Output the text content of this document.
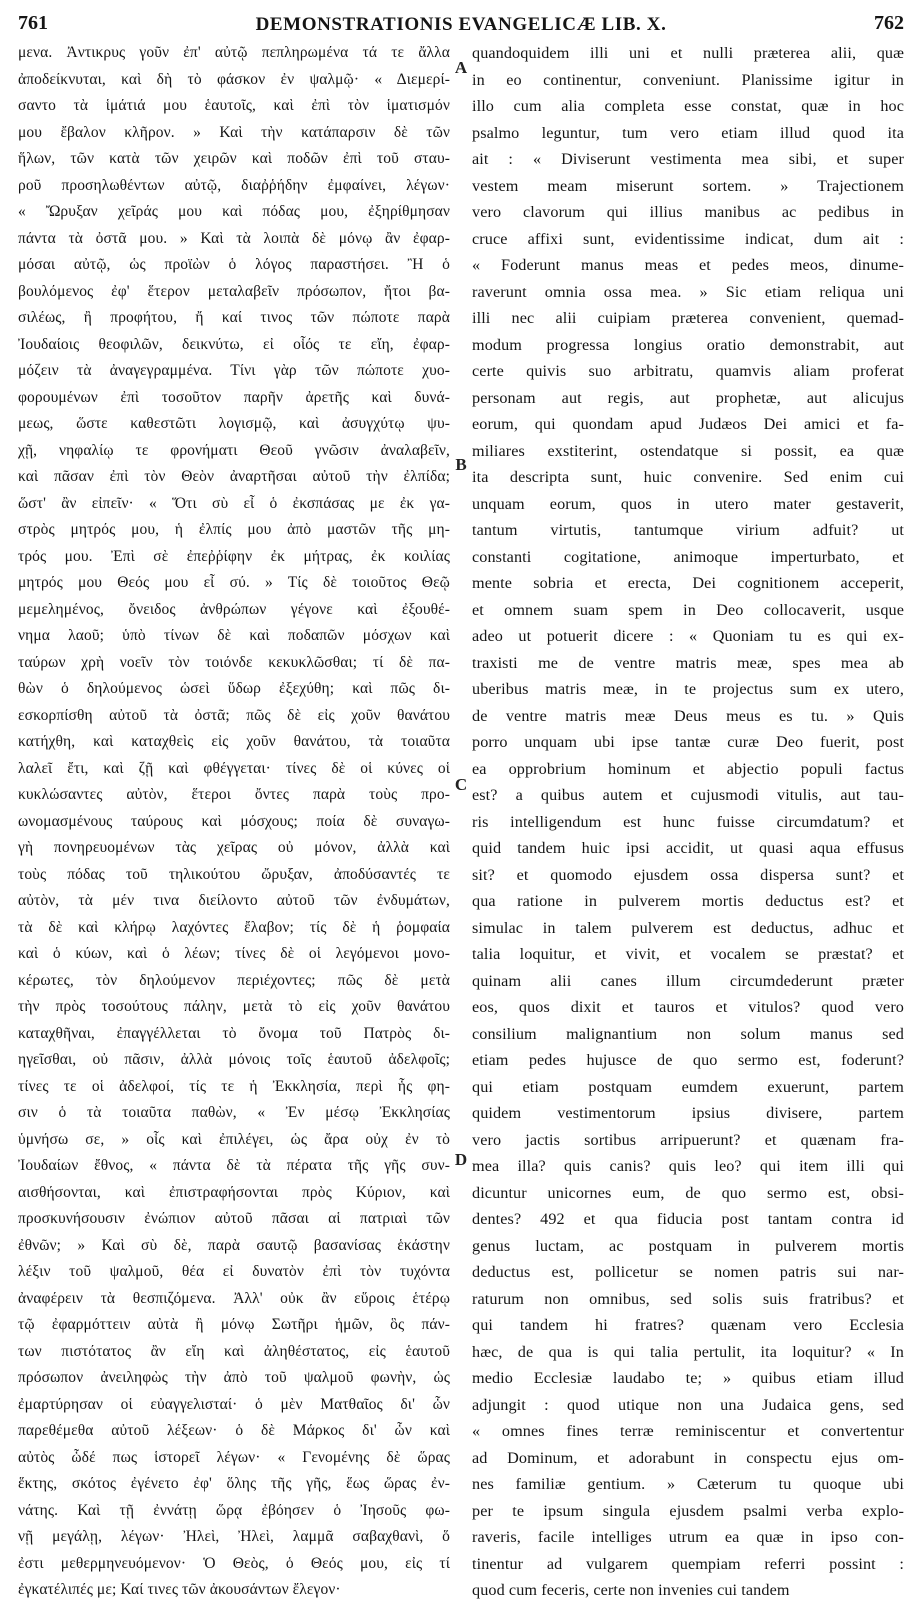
761	DEMONSTRATIONIS EVANGELICÆ LIB. X.	762
μενα. Ἀντικρυς γοῦν ἐπ' αὐτῷ πεπληρωμένα τά τε ἄλλα
ἀποδείκνυται, καὶ δὴ τὸ φάσκον ἐν ψαλμῷ· « Διεμερί-
σαντο τὰ ἱμάτιά μου ἑαυτοῖς, καὶ ἐπὶ τὸν ἱματισμόν
μου ἔβαλον κλῆρον. » Καὶ τὴν κατάπαρσιν δὲ τῶν
ἥλων, τῶν κατὰ τῶν χειρῶν καὶ ποδῶν ἐπὶ τοῦ σταυ-
ροῦ προσηλωθέντων αὐτῷ, διαῤῥήδην ἐμφαίνει, λέγων·
« Ὤρυξαν χεῖράς μου καὶ πόδας μου, ἐξηρίθμησαν
πάντα τὰ ὀστᾶ μου. » Καὶ τὰ λοιπὰ δὲ μόνῳ ἂν ἐφαρ-
μόσαι αὐτῷ, ὡς προϊὼν ὁ λόγος παραστήσει. Ἢ ὁ
βουλόμενος ἐφ' ἕτερον μεταλαβεῖν πρόσωπον, ἤτοι βα-
σιλέως, ἢ προφήτου, ἤ καί τινος τῶν πώποτε παρὰ
Ἰουδαίοις θεοφιλῶν, δεικνύτω, εἰ οἷός τε εἴη, ἐφαρ-
μόζειν τὰ ἀναγεγραμμένα. Τίνι γὰρ τῶν πώποτε χυο-
φορουμένων ἐπὶ τοσοῦτον παρῆν ἀρετῆς καὶ δυνά-
μεως, ὥστε καθεστῶτι λογισμῷ, καὶ ἀσυγχύτῳ ψυ-
χῇ, νηφαλίῳ τε φρονήματι Θεοῦ γνῶσιν ἀναλαβεῖν,
καὶ πᾶσαν ἐπὶ τὸν Θεὸν ἀναρτῆσαι αὐτοῦ τὴν ἐλπίδα;
ὥστ' ἂν εἰπεῖν· « Ὅτι σὺ εἶ ὁ ἐκσπάσας με ἐκ γα-
στρὸς μητρός μου, ἡ ἐλπίς μου ἀπὸ μαστῶν τῆς μη-
τρός μου. Ἐπὶ σὲ ἐπεῤῥίφην ἐκ μήτρας, ἐκ κοιλίας
μητρός μου Θεός μου εἶ σύ. » Τίς δὲ τοιοῦτος Θεῷ
μεμελημένος, ὄνειδος ἀνθρώπων γέγονε καὶ ἐξουθέ-
νημα λαοῦ; ὑπὸ τίνων δὲ καὶ ποδαπῶν μόσχων καὶ
ταύρων χρὴ νοεῖν τὸν τοιόνδε κεκυκλῶσθαι; τί δὲ πα-
θὼν ὁ δηλούμενος ὡσεὶ ὕδωρ ἐξεχύθη; καὶ πῶς δι-
εσκορπίσθη αὐτοῦ τὰ ὀστᾶ; πῶς δὲ εἰς χοῦν θανάτου
κατήχθη, καὶ καταχθεὶς εἰς χοῦν θανάτου, τὰ τοιαῦτα
λαλεῖ ἔτι, καὶ ζῇ καὶ φθέγγεται· τίνες δὲ οἱ κύνες οἱ
κυκλώσαντες αὐτὸν, ἕτεροι ὄντες παρὰ τοὺς προ-
ωνομασμένους ταύρους καὶ μόσχους; ποία δὲ συναγω-
γὴ πονηρευομένων τὰς χεῖρας οὐ μόνον, ἀλλὰ καὶ
τοὺς πόδας τοῦ τηλικούτου ὤρυξαν, ἀποδύσαντές τε
αὐτὸν, τὰ μέν τινα διείλοντο αὐτοῦ τῶν ἐνδυμάτων,
τὰ δὲ καὶ κλήρῳ λαχόντες ἔλαβον; τίς δὲ ἡ ῥομφαία
καὶ ὁ κύων, καὶ ὁ λέων; τίνες δὲ οἱ λεγόμενοι μονο-
κέρωτες, τὸν δηλούμενον περιέχοντες; πῶς δὲ μετὰ
τὴν πρὸς τοσούτους πάλην, μετὰ τὸ εἰς χοῦν θανάτου
καταχθῆναι, ἐπαγγέλλεται τὸ ὄνομα τοῦ Πατρὸς δι-
ηγεῖσθαι, οὐ πᾶσιν, ἀλλὰ μόνοις τοῖς ἑαυτοῦ ἀδελφοῖς;
τίνες τε οἱ ἀδελφοί, τίς τε ἡ Ἐκκλησία, περὶ ἧς φη-
σιν ὁ τὰ τοιαῦτα παθὼν, « Ἐν μέσῳ Ἐκκλησίας
ὑμνήσω σε, » οἷς καὶ ἐπιλέγει, ὡς ἄρα οὐχ ἐν τὸ
Ἰουδαίων ἔθνος, « πάντα δὲ τὰ πέρατα τῆς γῆς συν-
αισθήσονται, καὶ ἐπιστραφήσονται πρὸς Κύριον, καὶ
προσκυνήσουσιν ἐνώπιον αὐτοῦ πᾶσαι αἱ πατριαὶ τῶν
ἐθνῶν; » Καὶ σὺ δὲ, παρὰ σαυτῷ βασανίσας ἑκάστην
λέξιν τοῦ ψαλμοῦ, θέα εἰ δυνατὸν ἐπὶ τὸν τυχόντα
ἀναφέρειν τὰ θεσπιζόμενα. Ἀλλ' οὐκ ἂν εὕροις ἑτέρῳ
τῷ ἐφαρμόττειν αὐτὰ ἢ μόνῳ Σωτῆρι ἡμῶν, ὃς πάν-
των πιστότατος ἂν εἴη καὶ ἀληθέστατος, εἰς ἑαυτοῦ
πρόσωπον ἀνειληφὼς τὴν ἀπὸ τοῦ ψαλμοῦ φωνὴν, ὡς
ἐμαρτύρησαν οἱ εὐαγγελισταί· ὁ μὲν Ματθαῖος δι' ὧν
παρεθέμεθα αὐτοῦ λέξεων· ὁ δὲ Μάρκος δι' ὧν καὶ
αὐτὸς ὧδέ πως ἱστορεῖ λέγων· « Γενομένης δὲ ὥρας
ἕκτης, σκότος ἐγένετο ἐφ' ὅλης τῆς γῆς, ἕως ὥρας ἐν-
νάτης. Καὶ τῇ ἐννάτῃ ὥρᾳ ἐβόησεν ὁ Ἰησοῦς φω-
νῇ μεγάλῃ, λέγων· Ἠλεὶ, Ἠλεὶ, λαμμᾶ σαβαχθανὶ, ὅ
ἐστι μεθερμηνευόμενον· Ὁ Θεὸς, ὁ Θεός μου, εἰς τί
ἐγκατέλιπές με; Καί τινες τῶν ἀκουσάντων ἔλεγον·
quandoquidem illi uni et nulli præterea alii, quæ
in eo continentur, conveniunt. Planissime igitur in
illo cum alia completa esse constat, quæ in hoc
psalmo leguntur, tum vero etiam illud quod ita
ait : « Diviserunt vestimenta mea sibi, et super
vestem meam miserunt sortem. » Trajectionem
vero clavorum qui illius manibus ac pedibus in
cruce affixi sunt, evidentissime indicat, dum ait :
« Foderunt manus meas et pedes meos, dinume-
raverunt omnia ossa mea. » Sic etiam reliqua uni
illi nec alii cuipiam præterea convenient, quemad-
modum progressa longius oratio demonstrabit, aut
certe quivis suo arbitratu, quamvis aliam proferat
personam aut regis, aut prophetæ, aut alicujus
eorum, qui quondam apud Judæos Dei amici et fa-
miliares exstiterint, ostendatque si possit, ea quæ
ita descripta sunt, huic convenire. Sed enim cui
unquam eorum, quos in utero mater gestaverit,
tantum virtutis, tantumque virium adfuit? ut
constanti cogitatione, animoque imperturbato, et
mente sobria et erecta, Dei cognitionem acceperit,
et omnem suam spem in Deo collocaverit, usque
adeo ut potuerit dicere : « Quoniam tu es qui ex-
traxisti me de ventre matris meæ, spes mea ab
uberibus matris meæ, in te projectus sum ex utero,
de ventre matris meæ Deus meus es tu. » Quis
porro unquam ubi ipse tantæ curæ Deo fuerit, post
ea opprobrium hominum et abjectio populi factus
est? a quibus autem et cujusmodi vitulis, aut tau-
ris intelligendum est hunc fuisse circumdatum? et
quid tandem huic ipsi accidit, ut quasi aqua effusus
sit? et quomodo ejusdem ossa dispersa sunt? et
qua ratione in pulverem mortis deductus est? et
simulac in talem pulverem est deductus, adhuc et
talia loquitur, et vivit, et vocalem se præstat? et
quinam alii canes illum circumdederunt præter
eos, quos dixit et tauros et vitulos? quod vero
consilium malignantium non solum manus sed
etiam pedes hujusce de quo sermo est, foderunt?
qui etiam postquam eumdem exuerunt, partem
quidem vestimentorum ipsius divisere, partem
vero jactis sortibus arripuerunt? et quænam fra-
mea illa? quis canis? quis leo? qui item illi qui
dicuntur unicornes eum, de quo sermo est, obsi-
dentes? 492 et qua fiducia post tantam contra id
genus luctam, ac postquam in pulverem mortis
deductus est, pollicetur se nomen patris sui nar-
raturum non omnibus, sed solis suis fratribus? et
qui tandem hi fratres? quænam vero Ecclesia
hæc, de qua is qui talia pertulit, ita loquitur? « In
medio Ecclesiæ laudabo te; » quibus etiam illud
adjungit : quod utique non una Judaica gens, sed
« omnes fines terræ reminiscentur et convertentur
ad Dominum, et adorabunt in conspectu ejus om-
nes familiæ gentium. » Cæterum tu quoque ubi
per te ipsum singula ejusdem psalmi verba explo-
raveris, facile intelliges utrum ea quæ in ipso con-
tinentur ad vulgarem quempiam referri possint :
quod cum feceris, certe non invenies cui tandem
A
B
C
D
